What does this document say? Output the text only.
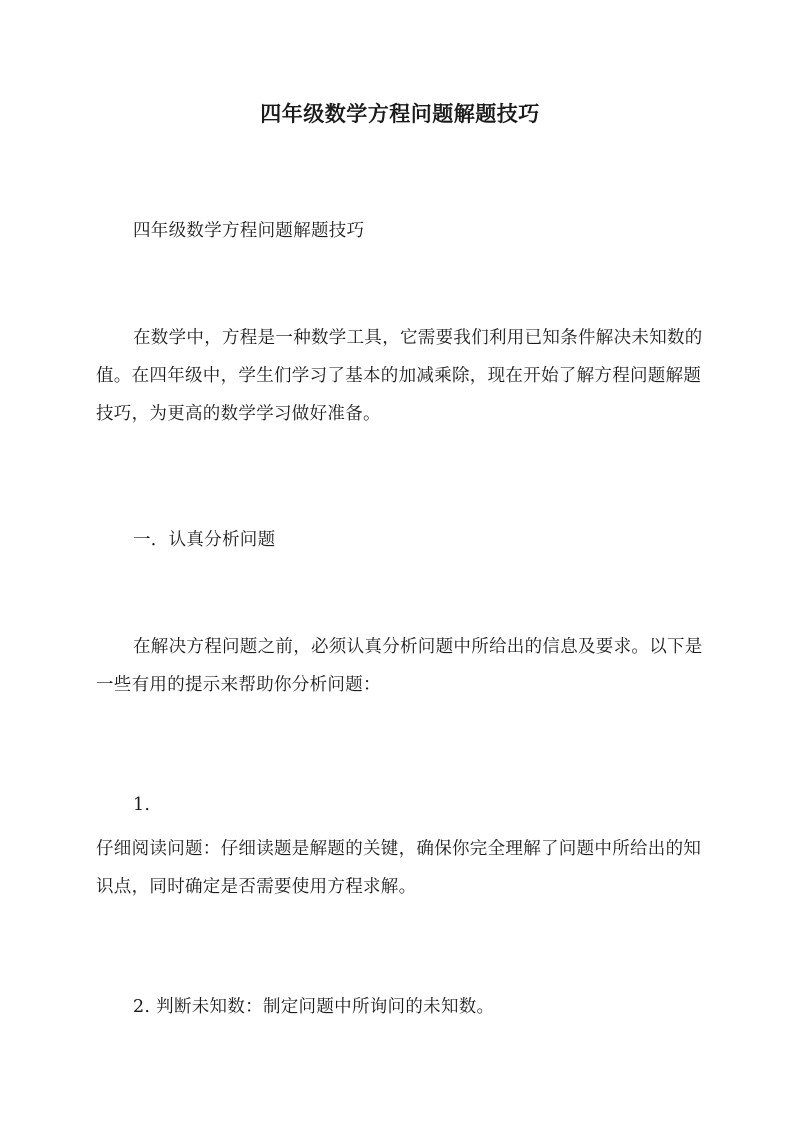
四年级数学方程问题解题技巧

四年级数学方程问题解题技巧

在数学中，方程是一种数学工具，它需要我们利用已知条件解决未知数的值。在四年级中，学生们学习了基本的加减乘除，现在开始了解方程问题解题技巧，为更高的数学学习做好准备。

一．认真分析问题

在解决方程问题之前，必须认真分析问题中所给出的信息及要求。以下是一些有用的提示来帮助你分析问题：

1.

仔细阅读问题：仔细读题是解题的关键，确保你完全理解了问题中所给出的知识点，同时确定是否需要使用方程求解。

2. 判断未知数：制定问题中所询问的未知数。
